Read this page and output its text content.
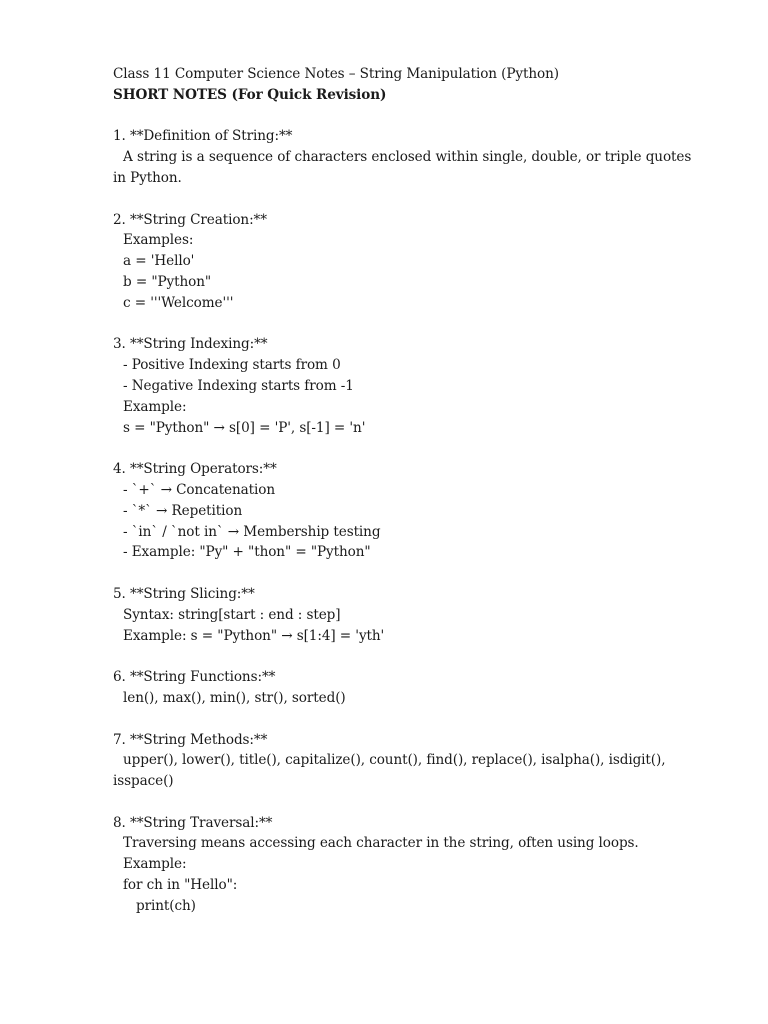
Class 11 Computer Science Notes – String Manipulation (Python)
SHORT NOTES (For Quick Revision)
1. **Definition of String:**
A string is a sequence of characters enclosed within single, double, or triple quotes
in Python.
2. **String Creation:**
Examples:
a = 'Hello'
b = "Python"
c = '''Welcome'''
3. **String Indexing:**
- Positive Indexing starts from 0
- Negative Indexing starts from -1
Example:
s = "Python" → s[0] = 'P', s[-1] = 'n'
4. **String Operators:**
- `+` → Concatenation
- `*` → Repetition
- `in` / `not in` → Membership testing
- Example: "Py" + "thon" = "Python"
5. **String Slicing:**
Syntax: string[start : end : step]
Example: s = "Python" → s[1:4] = 'yth'
6. **String Functions:**
len(), max(), min(), str(), sorted()
7. **String Methods:**
upper(), lower(), title(), capitalize(), count(), find(), replace(), isalpha(), isdigit(),
isspace()
8. **String Traversal:**
Traversing means accessing each character in the string, often using loops.
Example:
for ch in "Hello":
print(ch)
